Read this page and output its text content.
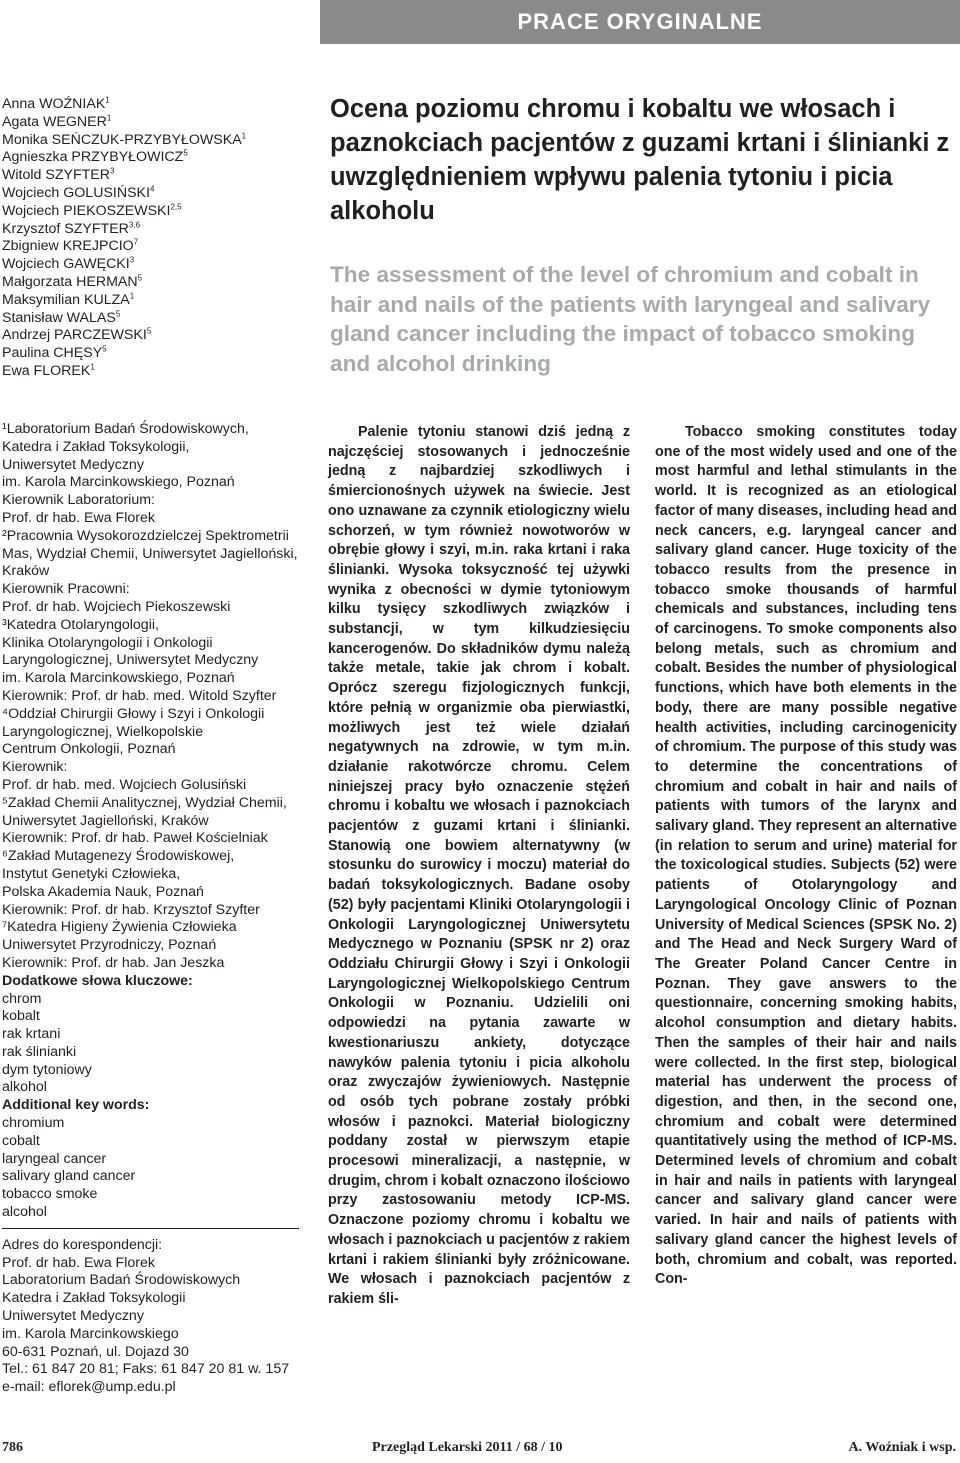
PRACE ORYGINALNE
Anna WOŹNIAK$^1$
Agata WEGNER$^1$
Monika SEŃCZUK-PRZYBYŁOWSKA$^1$
Agnieszka PRZYBYŁOWICZ$^5$
Witold SZYFTER$^3$
Wojciech GOLUSIŃSKI$^4$
Wojciech PIEKOSZEWSKI$^{2,5}$
Krzysztof SZYFTER$^{3,6}$
Zbigniew KREJPCIO$^7$
Wojciech GAWĘCKI$^3$
Małgorzata HERMAN$^5$
Maksymilian KULZA$^1$
Stanisław WALAS$^5$
Andrzej PARCZEWSKI$^5$
Paulina CHĘSY$^5$
Ewa FLOREK$^1$
Ocena poziomu chromu i kobaltu we włosach i paznokciach pacjentów z guzami krtani i ślinianki z uwzględnieniem wpływu palenia tytoniu i picia alkoholu
The assessment of the level of chromium and cobalt in hair and nails of the patients with laryngeal and salivary gland cancer including the impact of tobacco smoking and alcohol drinking
¹Laboratorium Badań Środowiskowych,
Katedra i Zakład Toksykologii,
Uniwersytet Medyczny
im. Karola Marcinkowskiego, Poznań
Kierownik Laboratorium:
Prof. dr hab. Ewa Florek
²Pracownia Wysokorozdzielczej Spektrometrii
Mas, Wydział Chemii, Uniwersytet Jagielloński,
Kraków
Kierownik Pracowni:
Prof. dr hab. Wojciech Piekoszewski
³Katedra Otolaryngologii,
Klinika Otolaryngologii i Onkologii
Laryngologicznej, Uniwersytet Medyczny
im. Karola Marcinkowskiego, Poznań
Kierownik: Prof. dr hab. med. Witold Szyfter
⁴Oddział Chirurgii Głowy i Szyi i Onkologii
Laryngologicznej, Wielkopolskie
Centrum Onkologii, Poznań
Kierownik:
Prof. dr hab. med. Wojciech Golusiński
⁵Zakład Chemii Analitycznej, Wydział Chemii,
Uniwersytet Jagielloński, Kraków
Kierownik: Prof. dr hab. Paweł Kościelniak
⁶Zakład Mutagenezy Środowiskowej,
Instytut Genetyki Człowieka,
Polska Akademia Nauk, Poznań
Kierownik: Prof. dr hab. Krzysztof Szyfter
⁷Katedra Higieny Żywienia Człowieka
Uniwersytet Przyrodniczy, Poznań
Kierownik: Prof. dr hab. Jan Jeszka
Dodatkowe słowa kluczowe:
chrom
kobalt
rak krtani
rak ślinianki
dym tytoniowy
alkohol
Additional key words:
chromium
cobalt
laryngeal cancer
salivary gland cancer
tobacco smoke
alcohol
Adres do korespondencji:
Prof. dr hab. Ewa Florek
Laboratorium Badań Środowiskowych
Katedra i Zakład Toksykologii
Uniwersytet Medyczny
im. Karola Marcinkowskiego
60-631 Poznań, ul. Dojazd 30
Tel.: 61 847 20 81; Faks: 61 847 20 81 w. 157
e-mail: eflorek@ump.edu.pl

Palenie tytoniu stanowi dziś jedną z najczęściej stosowanych i jednocześnie jedną z najbardziej szkodliwych i śmiercionośnych używek na świecie. Jest ono uznawane za czynnik etiologiczny wielu schorzeń, w tym również nowotworów w obrębie głowy i szyi, m.in. raka krtani i raka ślinianki. Wysoka toksyczność tej używki wynika z obecności w dymie tytoniowym kilku tysięcy szkodliwych związków i substancji, w tym kilkudziesięciu kancerogenów. Do składników dymu należą także metale, takie jak chrom i kobalt. Oprócz szeregu fizjologicznych funkcji, które pełnią w organizmie oba pierwiastki, możliwych jest też wiele działań negatywnych na zdrowie, w tym m.in. działanie rakotwórcze chromu. Celem niniejszej pracy było oznaczenie stężeń chromu i kobaltu we włosach i paznokciach pacjentów z guzami krtani i ślinianki. Stanowią one bowiem alternatywny (w stosunku do surowicy i moczu) materiał do badań toksykologicznych. Badane osoby (52) były pacjentami Kliniki Otolaryngologii i Onkologii Laryngologicznej Uniwersytetu Medycznego w Poznaniu (SPSK nr 2) oraz Oddziału Chirurgii Głowy i Szyi i Onkologii Laryngologicznej Wielkopolskiego Centrum Onkologii w Poznaniu. Udzielili oni odpowiedzi na pytania zawarte w kwestionariuszu ankiety, dotyczące nawyków palenia tytoniu i picia alkoholu oraz zwyczajów żywieniowych. Następnie od osób tych pobrane zostały próbki włosów i paznokci. Materiał biologiczny poddany został w pierwszym etapie procesowi mineralizacji, a następnie, w drugim, chrom i kobalt oznaczono ilościowo przy zastosowaniu metody ICP-MS. Oznaczone poziomy chromu i kobaltu we włosach i paznokciach u pacjentów z rakiem krtani i rakiem ślinianki były zróżnicowane. We włosach i paznokciach pacjentów z rakiem śli-

Tobacco smoking constitutes today one of the most widely used and one of the most harmful and lethal stimulants in the world. It is recognized as an etiological factor of many diseases, including head and neck cancers, e.g. laryngeal cancer and salivary gland cancer. Huge toxicity of the tobacco results from the presence in tobacco smoke thousands of harmful chemicals and substances, including tens of carcinogens. To smoke components also belong metals, such as chromium and cobalt. Besides the number of physiological functions, which have both elements in the body, there are many possible negative health activities, including carcinogenicity of chromium. The purpose of this study was to determine the concentrations of chromium and cobalt in hair and nails of patients with tumors of the larynx and salivary gland. They represent an alternative (in relation to serum and urine) material for the toxicological studies. Subjects (52) were patients of Otolaryngology and Laryngological Oncology Clinic of Poznan University of Medical Sciences (SPSK No. 2) and The Head and Neck Surgery Ward of The Greater Poland Cancer Centre in Poznan. They gave answers to the questionnaire, concerning smoking habits, alcohol consumption and dietary habits. Then the samples of their hair and nails were collected. In the first step, biological material has underwent the process of digestion, and then, in the second one, chromium and cobalt were determined quantitatively using the method of ICP-MS. Determined levels of chromium and cobalt in hair and nails in patients with laryngeal cancer and salivary gland cancer were varied. In hair and nails of patients with salivary gland cancer the highest levels of both, chromium and cobalt, was reported. Con-

786	Przegląd Lekarski 2011 / 68 / 10	A. Woźniak i wsp.
